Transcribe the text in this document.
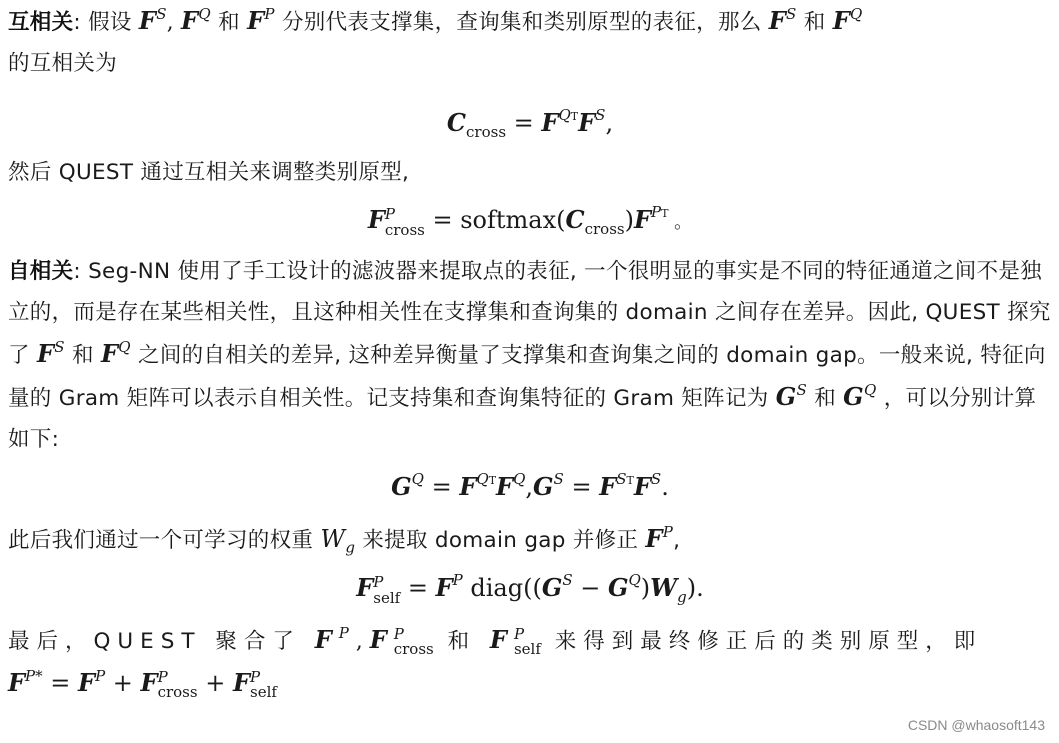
互相关: 假设 $F^S$, $F^Q$ 和 $F^P$ 分别代表支撑集，查询集和类别原型的表征，那么 $F^S$ 和 $F^Q$
的互相关为

$C_{cross} = F^{QT}F^S$,

然后 QUEST 通过互相关来调整类别原型,

FP
cross = $softmax(C_{cross})F^{PT}$ 。

自相关: Seg-NN 使用了手工设计的滤波器来提取点的表征, 一个很明显的事实是不同的特征通道之间不是独立的，而是存在某些相关性，且这种相关性在支撑集和查询集的 domain 之间存在差异。因此, QUEST 探究了 $F^S$ 和 $F^Q$ 之间的自相关的差异, 这种差异衡量了支撑集和查询集之间的 domain gap。一般来说, 特征向量的 Gram 矩阵可以表示自相关性。记支持集和查询集特征的 Gram 矩阵记为 $G^S$ 和 $G^Q$ ，可以分别计算如下:

$G^Q = F^{QT}F^Q,G^S = F^{ST}F^S$.

此后我们通过一个可学习的权重 $W_g$ 来提取 domain gap 并修正 $F^P$,

FP
self = $F^P$ $diag((G^S - G^Q)W_g)$.

最后，QUEST 聚合了 $F^P,FP$
cross 和 FP
self 来得到最终修正后的类别原型，即
$F^{P*} = F^P$ + FP
cross + FP
self

CSDN @whaosoft143
